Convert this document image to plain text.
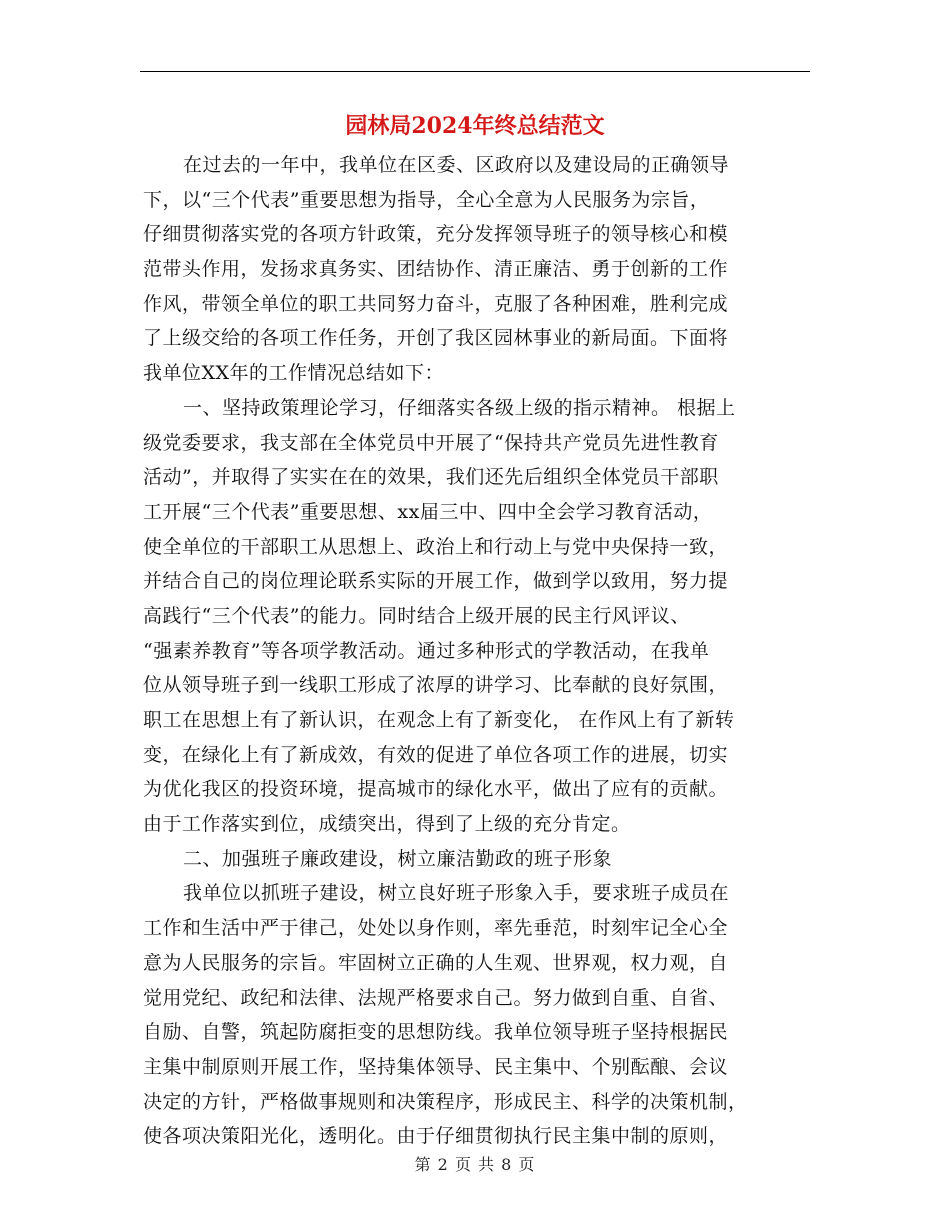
园林局2024年终总结范文
在过去的一年中，我单位在区委、区政府以及建设局的正确领导
下，以“三个代表”重要思想为指导，全心全意为人民服务为宗旨，
仔细贯彻落实党的各项方针政策，充分发挥领导班子的领导核心和模
范带头作用，发扬求真务实、团结协作、清正廉洁、勇于创新的工作
作风，带领全单位的职工共同努力奋斗，克服了各种困难，胜利完成
了上级交给的各项工作任务，开创了我区园林事业的新局面。下面将
我单位XX年的工作情况总结如下：
一、坚持政策理论学习，仔细落实各级上级的指示精神。 根据上
级党委要求，我支部在全体党员中开展了“保持共产党员先进性教育
活动”，并取得了实实在在的效果，我们还先后组织全体党员干部职
工开展“三个代表”重要思想、xx届三中、四中全会学习教育活动，
使全单位的干部职工从思想上、政治上和行动上与党中央保持一致，
并结合自己的岗位理论联系实际的开展工作，做到学以致用，努力提
高践行“三个代表”的能力。同时结合上级开展的民主行风评议、
“强素养教育”等各项学教活动。通过多种形式的学教活动，在我单
位从领导班子到一线职工形成了浓厚的讲学习、比奉献的良好氛围，
职工在思想上有了新认识，在观念上有了新变化， 在作风上有了新转
变，在绿化上有了新成效，有效的促进了单位各项工作的进展，切实
为优化我区的投资环境，提高城市的绿化水平，做出了应有的贡献。
由于工作落实到位，成绩突出，得到了上级的充分肯定。
二、加强班子廉政建设，树立廉洁勤政的班子形象
我单位以抓班子建设，树立良好班子形象入手，要求班子成员在
工作和生活中严于律己，处处以身作则，率先垂范，时刻牢记全心全
意为人民服务的宗旨。牢固树立正确的人生观、世界观，权力观，自
觉用党纪、政纪和法律、法规严格要求自己。努力做到自重、自省、
自励、自警，筑起防腐拒变的思想防线。我单位领导班子坚持根据民
主集中制原则开展工作，坚持集体领导、民主集中、个别酝酿、会议
决定的方针，严格做事规则和决策程序，形成民主、科学的决策机制，
使各项决策阳光化，透明化。由于仔细贯彻执行民主集中制的原则，
第 2 页 共 8 页
